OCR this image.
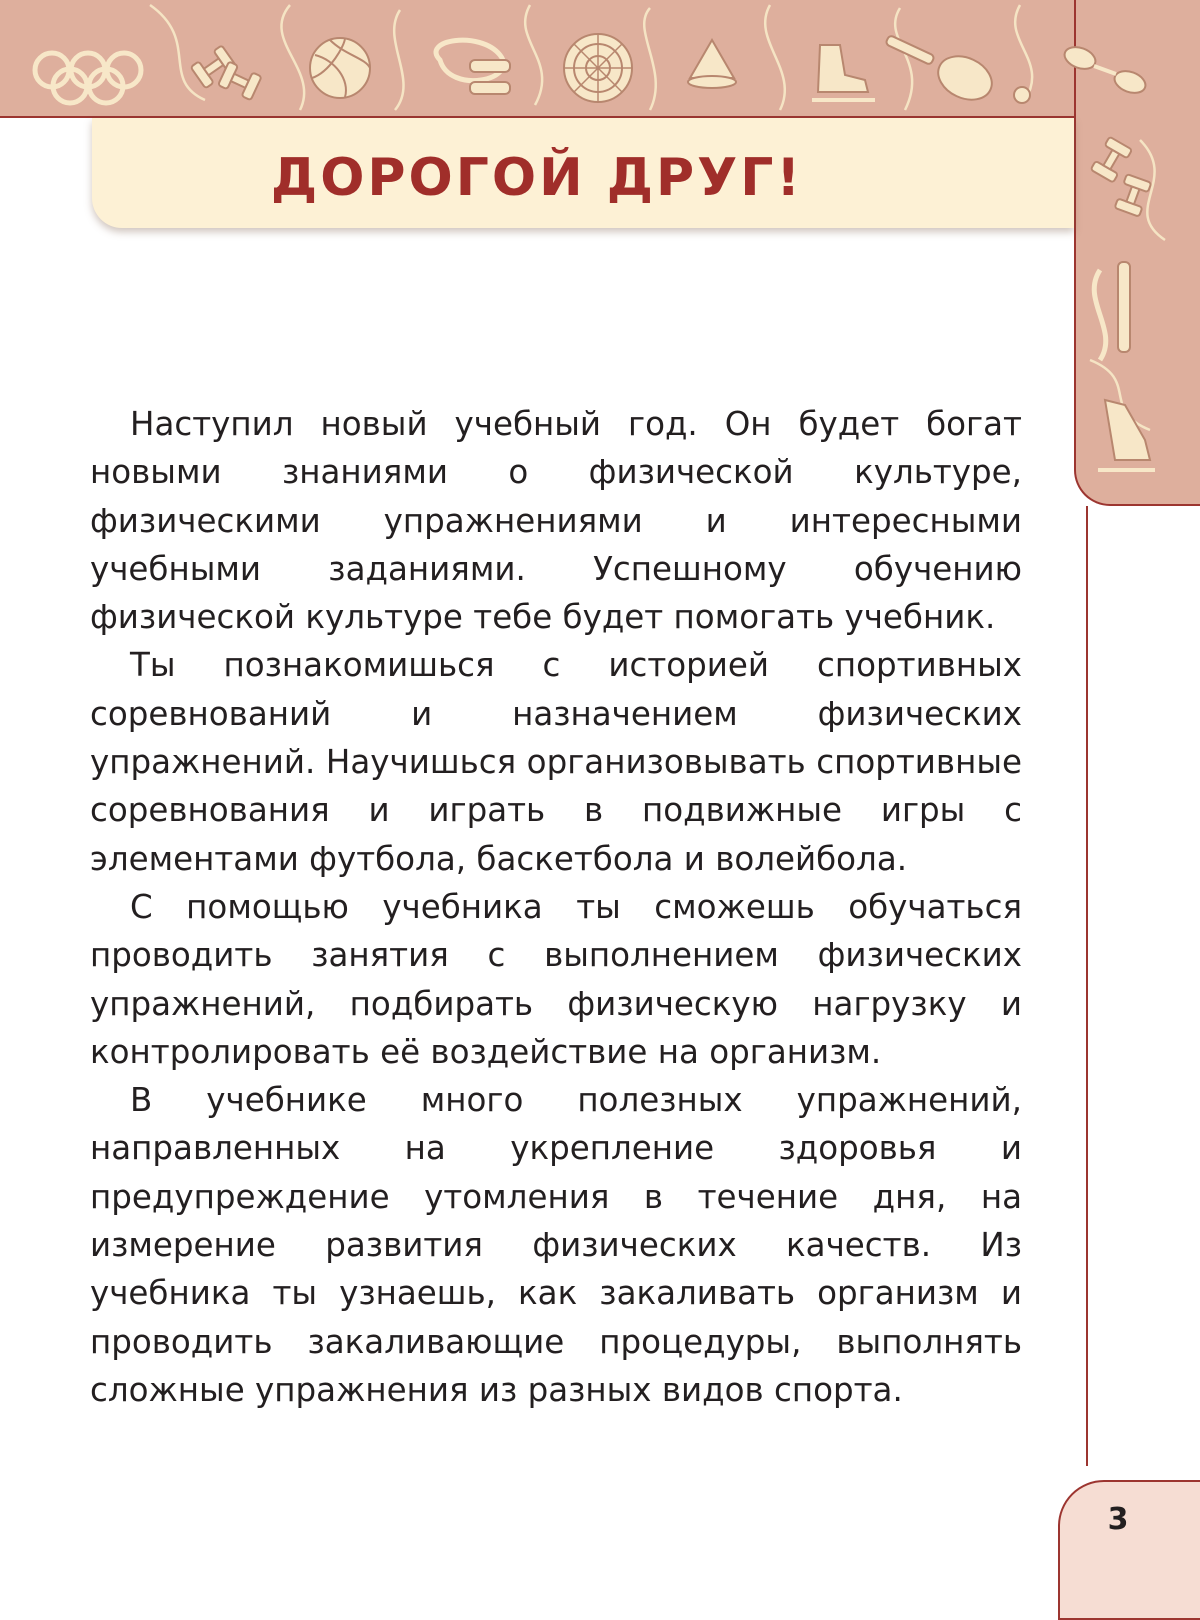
ДОРОГОЙ ДРУГ!

Наступил новый учебный год. Он будет богат новыми знаниями о физической культуре, физическими упражнениями и интересными учебными заданиями. Успешному обучению физической культуре тебе будет помогать учебник.

Ты познакомишься с историей спортивных соревнований и назначением физических упражнений. Научишься организовывать спортивные соревнования и играть в подвижные игры с элементами футбола, баскетбола и волейбола.

С помощью учебника ты сможешь обучаться проводить занятия с выполнением физических упражнений, подбирать физическую нагрузку и контролировать её воздействие на организм.

В учебнике много полезных упражнений, направленных на укрепление здоровья и предупреждение утомления в течение дня, на измерение развития физических качеств. Из учебника ты узнаешь, как закаливать организм и проводить закаливающие процедуры, выполнять сложные упражнения из разных видов спорта.

3
